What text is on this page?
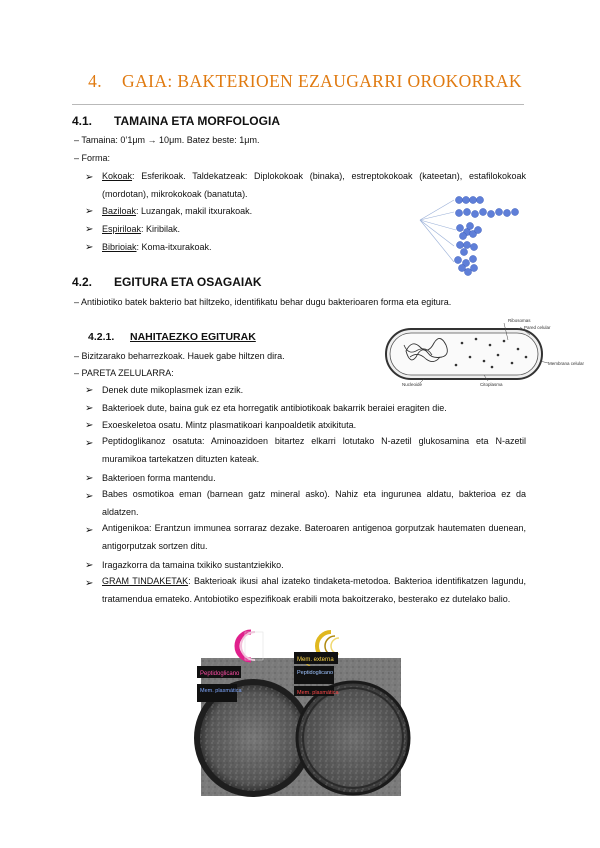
4. GAIA: BAKTERIOEN EZAUGARRI OROKORRAK
4.1. TAMAINA ETA MORFOLOGIA
– Tamaina: 0’1μm → 10μm. Batez beste: 1μm.
– Forma:
➢ Kokoak: Esferikoak. Taldekatzeak: Diplokokoak (binaka), estreptokokoak (kateetan), estafilokokoak (mordotan), mikrokokoak (banatuta).
➢ Baziloak: Luzangak, makil itxurakoak.
➢ Espiriloak: Kiribilak.
➢ Bibrioiak: Koma-itxurakoak.
4.2. EGITURA ETA OSAGAIAK
– Antibiotiko batek bakterio bat hiltzeko, identifikatu behar dugu bakterioaren forma eta egitura.
4.2.1. NAHITAEZKO EGITURAK
– Bizitzarako beharrezkoak. Hauek gabe hiltzen dira.
– PARETA ZELULARRA:
Ribosomas
Pared celular
Membrana celular
Nucleoide	Citoplasma
➢ Denek dute mikoplasmek izan ezik.
➢ Bakterioek dute, baina guk ez eta horregatik antibiotikoak bakarrik beraiei eragiten die.
➢ Exoeskeletoa osatu. Mintz plasmatikoari kanpoaldetik atxikituta.
➢ Peptidoglikanoz osatuta: Aminoazidoen bitartez elkarri lotutako N-azetil glukosamina eta N-azetil muramikoa tartekatzen dituzten kateak.
➢ Bakterioen forma mantendu.
➢ Babes osmotikoa eman (barnean gatz mineral asko). Nahiz eta ingurunea aldatu, bakterioa ez da aldatzen.
➢ Antigenikoa: Erantzun immunea sorraraz dezake. Bateroaren antigenoa gorputzak hautematen duenean, antigorputzak sortzen ditu.
➢ Iragazkorra da tamaina txikiko sustantziekiko.
➢ GRAM TINDAKETAK: Bakterioak ikusi ahal izateko tindaketa-metodoa. Bakterioa identifikatzen lagundu, tratamendua emateko. Antobiotiko espezifikoak erabili mota bakoitzerako, besterako ez dutelako balio.
Peptidoglicano
Mem. plasmática
Mem. externa
Peptidoglicano
Mem. plasmática
